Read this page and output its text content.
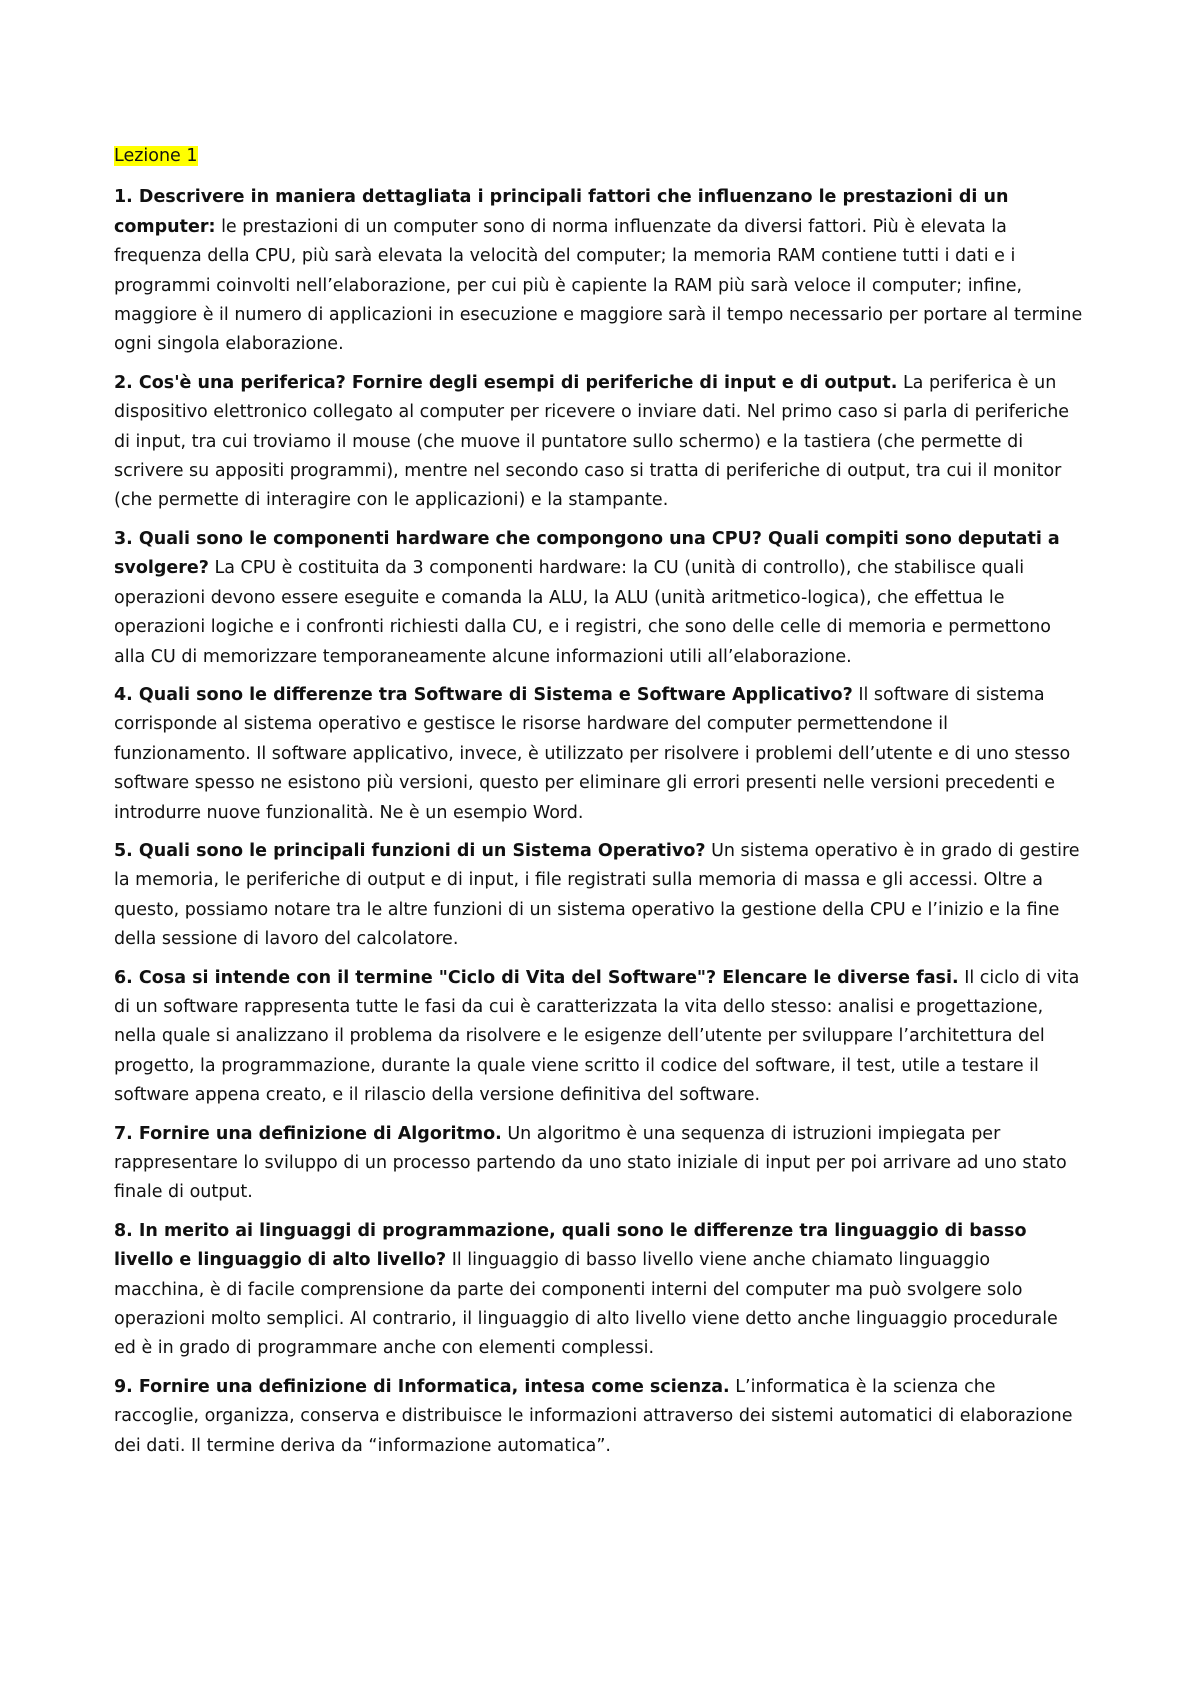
Lezione 1

1. Descrivere in maniera dettagliata i principali fattori che influenzano le prestazioni di un computer: le prestazioni di un computer sono di norma influenzate da diversi fattori. Più è elevata la frequenza della CPU, più sarà elevata la velocità del computer; la memoria RAM contiene tutti i dati e i programmi coinvolti nell’elaborazione, per cui più è capiente la RAM più sarà veloce il computer; infine, maggiore è il numero di applicazioni in esecuzione e maggiore sarà il tempo necessario per portare al termine ogni singola elaborazione.

2. Cos'è una periferica? Fornire degli esempi di periferiche di input e di output. La periferica è un dispositivo elettronico collegato al computer per ricevere o inviare dati. Nel primo caso si parla di periferiche di input, tra cui troviamo il mouse (che muove il puntatore sullo schermo) e la tastiera (che permette di scrivere su appositi programmi), mentre nel secondo caso si tratta di periferiche di output, tra cui il monitor (che permette di interagire con le applicazioni) e la stampante.

3. Quali sono le componenti hardware che compongono una CPU? Quali compiti sono deputati a svolgere? La CPU è costituita da 3 componenti hardware: la CU (unità di controllo), che stabilisce quali operazioni devono essere eseguite e comanda la ALU, la ALU (unità aritmetico-logica), che effettua le operazioni logiche e i confronti richiesti dalla CU, e i registri, che sono delle celle di memoria e permettono alla CU di memorizzare temporaneamente alcune informazioni utili all’elaborazione.

4. Quali sono le differenze tra Software di Sistema e Software Applicativo? Il software di sistema corrisponde al sistema operativo e gestisce le risorse hardware del computer permettendone il funzionamento. Il software applicativo, invece, è utilizzato per risolvere i problemi dell’utente e di uno stesso software spesso ne esistono più versioni, questo per eliminare gli errori presenti nelle versioni precedenti e introdurre nuove funzionalità. Ne è un esempio Word.

5. Quali sono le principali funzioni di un Sistema Operativo? Un sistema operativo è in grado di gestire la memoria, le periferiche di output e di input, i file registrati sulla memoria di massa e gli accessi. Oltre a questo, possiamo notare tra le altre funzioni di un sistema operativo la gestione della CPU e l’inizio e la fine della sessione di lavoro del calcolatore.

6. Cosa si intende con il termine "Ciclo di Vita del Software"? Elencare le diverse fasi. Il ciclo di vita di un software rappresenta tutte le fasi da cui è caratterizzata la vita dello stesso: analisi e progettazione, nella quale si analizzano il problema da risolvere e le esigenze dell’utente per sviluppare l’architettura del progetto, la programmazione, durante la quale viene scritto il codice del software, il test, utile a testare il software appena creato, e il rilascio della versione definitiva del software.

7. Fornire una definizione di Algoritmo. Un algoritmo è una sequenza di istruzioni impiegata per rappresentare lo sviluppo di un processo partendo da uno stato iniziale di input per poi arrivare ad uno stato finale di output.

8. In merito ai linguaggi di programmazione, quali sono le differenze tra linguaggio di basso livello e linguaggio di alto livello? Il linguaggio di basso livello viene anche chiamato linguaggio macchina, è di facile comprensione da parte dei componenti interni del computer ma può svolgere solo operazioni molto semplici. Al contrario, il linguaggio di alto livello viene detto anche linguaggio procedurale ed è in grado di programmare anche con elementi complessi.

9. Fornire una definizione di Informatica, intesa come scienza. L’informatica è la scienza che raccoglie, organizza, conserva e distribuisce le informazioni attraverso dei sistemi automatici di elaborazione dei dati. Il termine deriva da “informazione automatica”.
